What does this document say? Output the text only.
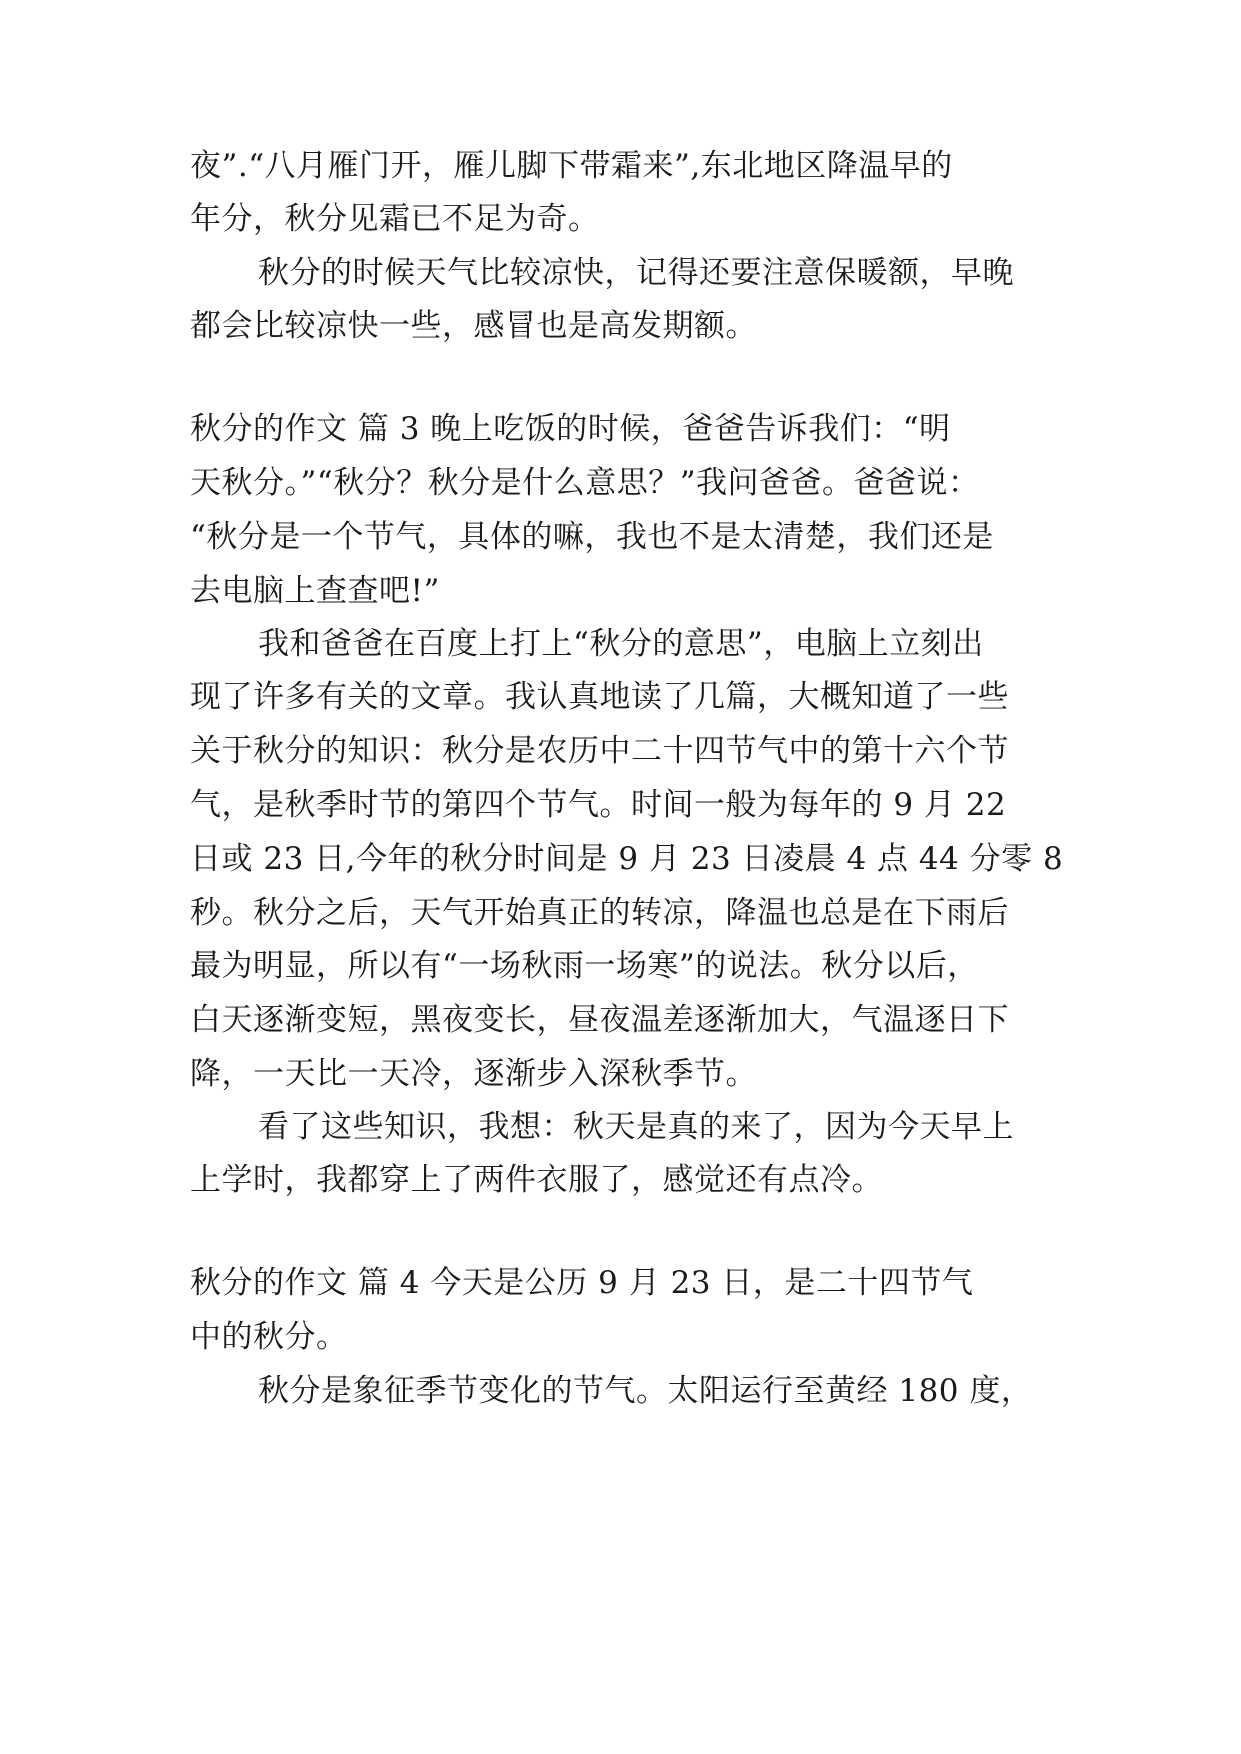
夜”.“八月雁门开，雁儿脚下带霜来”,东北地区降温早的
年分，秋分见霜已不足为奇。
秋分的时候天气比较凉快，记得还要注意保暖额，早晚
都会比较凉快一些，感冒也是高发期额。
秋分的作文 篇 3 晚上吃饭的时候，爸爸告诉我们：“明
天秋分。”“秋分？秋分是什么意思？”我问爸爸。爸爸说：
“秋分是一个节气，具体的嘛，我也不是太清楚，我们还是
去电脑上查查吧!”
我和爸爸在百度上打上“秋分的意思”，电脑上立刻出
现了许多有关的文章。我认真地读了几篇，大概知道了一些
关于秋分的知识：秋分是农历中二十四节气中的第十六个节
气，是秋季时节的第四个节气。时间一般为每年的 9 月 22
日或 23 日,今年的秋分时间是 9 月 23 日凌晨 4 点 44 分零 8
秒。秋分之后，天气开始真正的转凉，降温也总是在下雨后
最为明显，所以有“一场秋雨一场寒”的说法。秋分以后，
白天逐渐变短，黑夜变长，昼夜温差逐渐加大，气温逐日下
降，一天比一天冷，逐渐步入深秋季节。
看了这些知识，我想：秋天是真的来了，因为今天早上
上学时，我都穿上了两件衣服了，感觉还有点冷。
秋分的作文 篇 4 今天是公历 9 月 23 日，是二十四节气
中的秋分。
秋分是象征季节变化的节气。太阳运行至黄经 180 度，
